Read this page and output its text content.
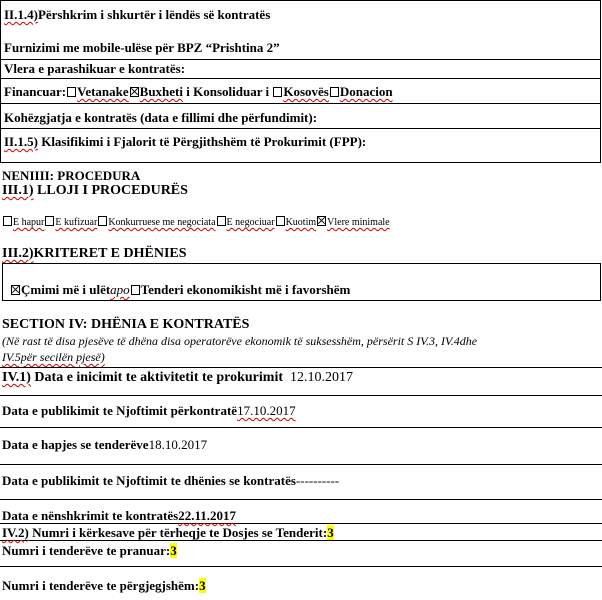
II.1.4)Përshkrim i shkurtër i lëndës së kontratës
Furnizimi me mobile-ulëse për BPZ “Prishtina 2”
Vlera e parashikuar e kontratës:
Financuar: Vetanake Buxheti i Konsoliduar i Kosovës Donacion
Kohëzgjatja e kontratës (data e fillimi dhe përfundimit):
II.1.5) Klasifikimi i Fjalorit të Përgjithshëm të Prokurimit (FPP):
NENIIII: PROCEDURA
III.1) LLOJI I PROCEDURËS
E hapur E kufizuar Konkurruese me negociata E negociuar Kuotim Vlere minimale
III.2)KRITERET E DHËNIES
Çmimi më i ulëtapo Tenderi ekonomikisht më i favorshëm
SECTION IV: DHËNIA E KONTRATËS
(Në rast të disa pjesëve të dhëna disa operatorëve ekonomik të suksesshëm, përsërit S IV.3, IV.4dhe
IV.5për secilën pjesë)
IV.1) Data e inicimit te aktivitetit te prokurimit 12.10.2017
Data e publikimit te Njoftimit përkontratë17.10.2017
Data e hapjes se tenderëve18.10.2017
Data e publikimit te Njoftimit te dhënies se kontratës----------
Data e nënshkrimit te kontratës22.11.2017
IV.2) Numri i kërkesave për tërheqje te Dosjes se Tenderit:3
Numri i tenderëve te pranuar:3
Numri i tenderëve te përgjegjshëm:3
